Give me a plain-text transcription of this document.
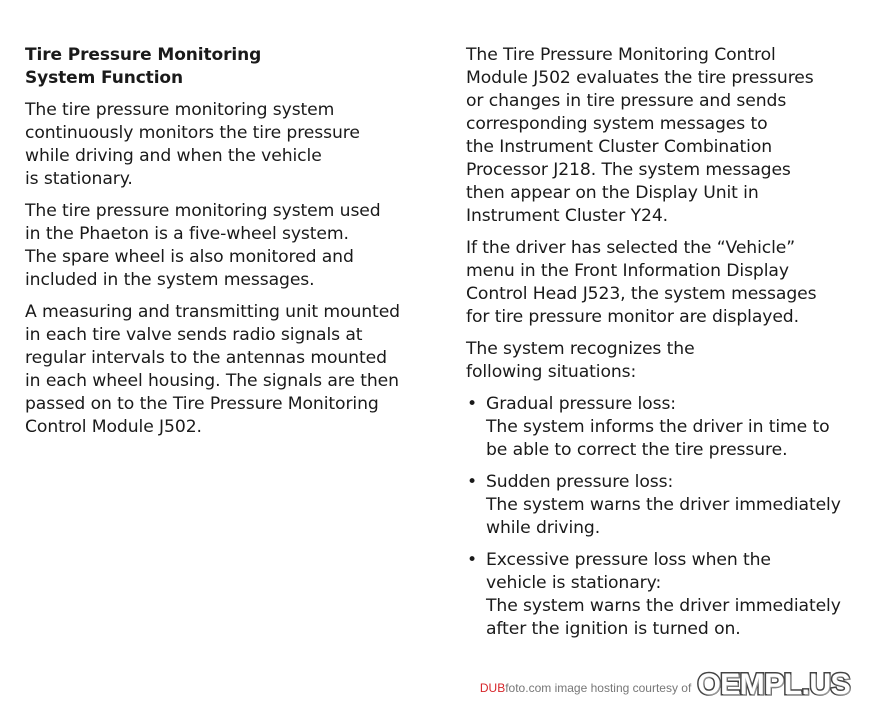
Tire Pressure Monitoring
System Function

The tire pressure monitoring system
continuously monitors the tire pressure
while driving and when the vehicle
is stationary.

The tire pressure monitoring system used
in the Phaeton is a five-wheel system.
The spare wheel is also monitored and
included in the system messages.

A measuring and transmitting unit mounted
in each tire valve sends radio signals at
regular intervals to the antennas mounted
in each wheel housing. The signals are then
passed on to the Tire Pressure Monitoring
Control Module J502.

The Tire Pressure Monitoring Control
Module J502 evaluates the tire pressures
or changes in tire pressure and sends
corresponding system messages to
the Instrument Cluster Combination
Processor J218. The system messages
then appear on the Display Unit in
Instrument Cluster Y24.

If the driver has selected the “Vehicle”
menu in the Front Information Display
Control Head J523, the system messages
for tire pressure monitor are displayed.

The system recognizes the
following situations:

• Gradual pressure loss:
The system informs the driver in time to
be able to correct the tire pressure.
• Sudden pressure loss:
The system warns the driver immediately
while driving.
• Excessive pressure loss when the
vehicle is stationary:
The system warns the driver immediately
after the ignition is turned on.
DUBfoto.com image hosting courtesy of OEMPL.US
